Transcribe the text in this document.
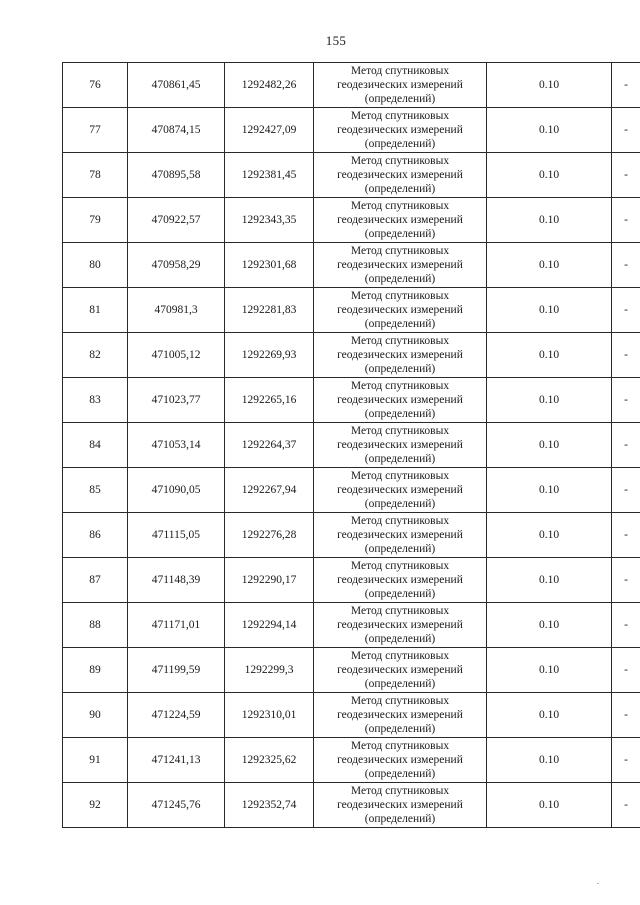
155
76	470861,45	1292482,26	Метод спутниковых
геодезических измерений
(определений)	0.10	-
77	470874,15	1292427,09	Метод спутниковых
геодезических измерений
(определений)	0.10	-
78	470895,58	1292381,45	Метод спутниковых
геодезических измерений
(определений)	0.10	-
79	470922,57	1292343,35	Метод спутниковых
геодезических измерений
(определений)	0.10	-
80	470958,29	1292301,68	Метод спутниковых
геодезических измерений
(определений)	0.10	-
81	470981,3	1292281,83	Метод спутниковых
геодезических измерений
(определений)	0.10	-
82	471005,12	1292269,93	Метод спутниковых
геодезических измерений
(определений)	0.10	-
83	471023,77	1292265,16	Метод спутниковых
геодезических измерений
(определений)	0.10	-
84	471053,14	1292264,37	Метод спутниковых
геодезических измерений
(определений)	0.10	-
85	471090,05	1292267,94	Метод спутниковых
геодезических измерений
(определений)	0.10	-
86	471115,05	1292276,28	Метод спутниковых
геодезических измерений
(определений)	0.10	-
87	471148,39	1292290,17	Метод спутниковых
геодезических измерений
(определений)	0.10	-
88	471171,01	1292294,14	Метод спутниковых
геодезических измерений
(определений)	0.10	-
89	471199,59	1292299,3	Метод спутниковых
геодезических измерений
(определений)	0.10	-
90	471224,59	1292310,01	Метод спутниковых
геодезических измерений
(определений)	0.10	-
91	471241,13	1292325,62	Метод спутниковых
геодезических измерений
(определений)	0.10	-
92	471245,76	1292352,74	Метод спутниковых
геодезических измерений
(определений)	0.10	-
